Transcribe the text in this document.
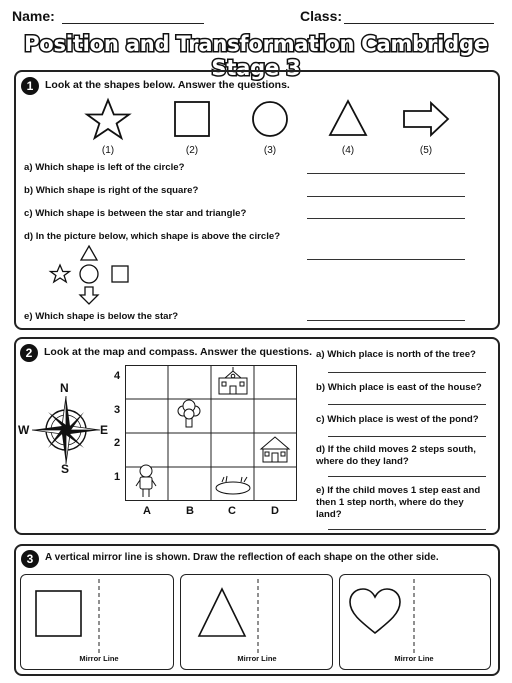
Name:	Class:
Position and Transformation Cambridge Stage 3
1	Look at the shapes below. Answer the questions.
(1)	(2)	(3)	(4)	(5)
a) Which shape is left of the circle?
b) Which shape is right of the square?
c) Which shape is between the star and triangle?
d) In the picture below, which shape is above the circle?
e) Which shape is below the star?
2	Look at the map and compass. Answer the questions.
N
S
E
W
4
3
2
1
A	B	C	D
a) Which place is north of the tree?
b) Which place is east of the house?
c) Which place is west of the pond?
d) If the child moves 2 steps south, where do they land?
e) If the child moves 1 step east and then 1 step north, where do they land?
3	A vertical mirror line is shown. Draw the reflection of each shape on the other side.
Mirror Line	Mirror Line	Mirror Line
